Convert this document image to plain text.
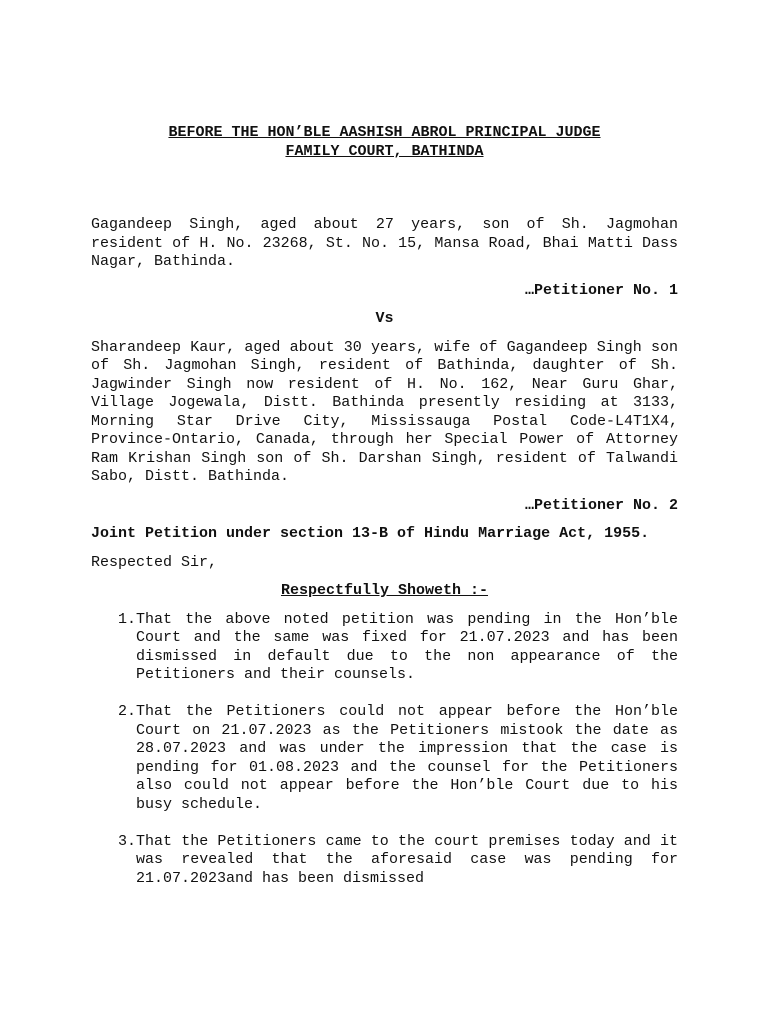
BEFORE THE HON’BLE AASHISH ABROL PRINCIPAL JUDGE
FAMILY COURT, BATHINDA

Gagandeep Singh, aged about 27 years, son of Sh. Jagmohan resident of H. No. 23268, St. No. 15, Mansa Road, Bhai Matti Dass Nagar, Bathinda.

…Petitioner No. 1

Vs

Sharandeep Kaur, aged about 30 years, wife of Gagandeep Singh son of Sh. Jagmohan Singh, resident of Bathinda, daughter of Sh. Jagwinder Singh now resident of H. No. 162, Near Guru Ghar, Village Jogewala, Distt. Bathinda presently residing at 3133, Morning Star Drive City, Mississauga Postal Code-L4T1X4, Province-Ontario, Canada, through her Special Power of Attorney Ram Krishan Singh son of Sh. Darshan Singh, resident of Talwandi Sabo, Distt. Bathinda.

…Petitioner No. 2

Joint Petition under section 13-B of Hindu Marriage Act, 1955.

Respected Sir,

Respectfully Showeth :-

1. That the above noted petition was pending in the Hon’ble Court and the same was fixed for 21.07.2023 and has been dismissed in default due to the non appearance of the Petitioners and their counsels.
2. That the Petitioners could not appear before the Hon’ble Court on 21.07.2023 as the Petitioners mistook the date as 28.07.2023 and was under the impression that the case is pending for 01.08.2023 and the counsel for the Petitioners also could not appear before the Hon’ble Court due to his busy schedule.
3. That the Petitioners came to the court premises today and it was revealed that the aforesaid case was pending for 21.07.2023and has been dismissed
